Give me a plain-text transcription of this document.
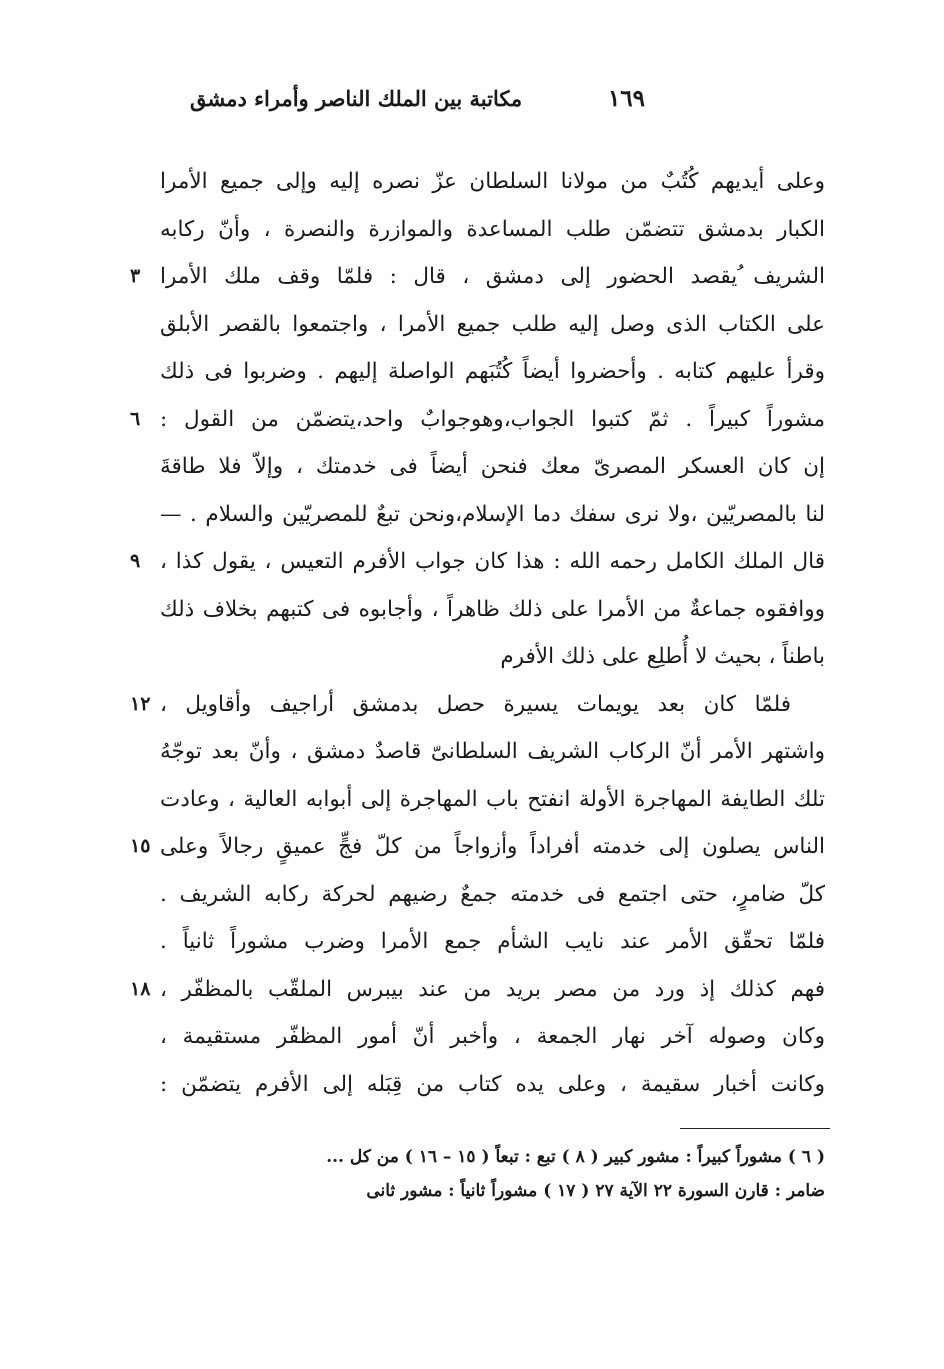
مكاتبة بين الملك الناصر وأمراء دمشق	١٦٩
وعلى أيديهم كُتُبٌ من مولانا السلطان عزّ نصره إليه وإلى جميع الأمرا
الكبار بدمشق تتضمّن طلب المساعدة والموازرة والنصرة ، وأنّ ركابه
الشريف ُيقصد الحضور إلى دمشق ، قال : فلمّا وقف ملك الأمرا
٣
على الكتاب الذى وصل إليه طلب جميع الأمرا ، واجتمعوا بالقصر الأبلق
وقرأ عليهم كتابه . وأحضروا أيضاً كُتُبَهم الواصلة إليهم . وضربوا فى ذلك
مشوراً كبيراً . ثمّ كتبوا الجواب،وهوجوابٌ واحد،يتضمّن من القول :
٦
إن كان العسكر المصرىّ معك فنحن أيضاً فى خدمتك ، وإلاّ فلا طاقةَ
لنا بالمصريّين ،ولا نرى سفك دما الإسلام،ونحن تبعٌ للمصريّين والسلام . —
قال الملك الكامل رحمه الله : هذا كان جواب الأفرم التعيس ، يقول كذا ،
٩
ووافقوه جماعةٌ من الأمرا على ذلك ظاهراً ، وأجابوه فى كتبهم بخلاف ذلك
باطناً ، بحيث لا أُطلِع على ذلك الأفرم
فلمّا كان بعد يويمات يسيرة حصل بدمشق أراجيف وأقاويل ،
١٢
واشتهر الأمر أنّ الركاب الشريف السلطانىّ قاصدٌ دمشق ، وأنّ بعد توجّهُ
تلك الطايفة المهاجرة الأولة انفتح باب المهاجرة إلى أبوابه العالية ، وعادت
الناس يصلون إلى خدمته أفراداً وأزواجاً من كلّ فجٍّ عميقٍ رجالاً وعلى
١٥
كلّ ضامرٍ، حتى اجتمع فى خدمته جمعٌ رضيهم لحركة ركابه الشريف .
فلمّا تحقّق الأمر عند نايب الشأم جمع الأمرا وضرب مشوراً ثانياً .
فهم كذلك إذ ورد من مصر بريد من عند بيبرس الملقّب بالمظفّر ،
١٨
وكان وصوله آخر نهار الجمعة ، وأخبر أنّ أمور المظفّر مستقيمة ،
وكانت أخبار سقيمة ، وعلى يده كتاب من قِبَله إلى الأفرم يتضمّن :
( ٦ ) مشوراً كبيراً : مشور كبير ( ٨ ) تبع : تبعاً ( ١٥ – ١٦ ) من كل ...
ضامر : قارن السورة ٢٢ الآية ٢٧ ( ١٧ ) مشوراً ثانياً : مشور ثانى
